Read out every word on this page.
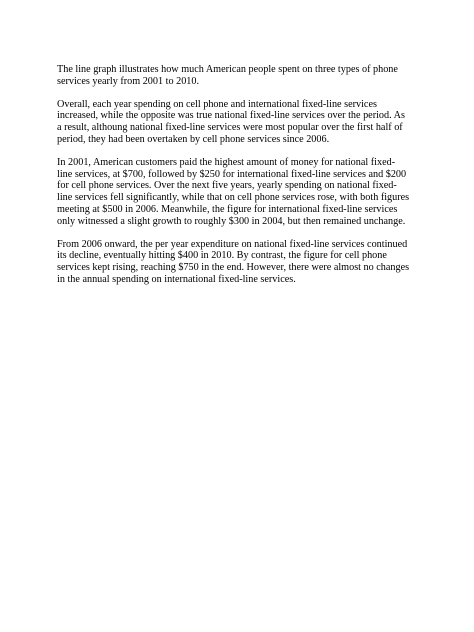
The line graph illustrates how much American people spent on three types of phone
services yearly from 2001 to 2010.

Overall, each year spending on cell phone and international fixed-line services
increased, while the opposite was true national fixed-line services over the period. As
a result, althoung national fixed-line services were most popular over the first half of
period, they had been overtaken by cell phone services since 2006.

In 2001, American customers paid the highest amount of money for national fixed-
line services, at $700, followed by $250 for international fixed-line services and $200
for cell phone services. Over the next five years, yearly spending on national fixed-
line services fell significantly, while that on cell phone services rose, with both figures
meeting at $500 in 2006. Meanwhile, the figure for international fixed-line services
only witnessed a slight growth to roughly $300 in 2004, but then remained unchange.

From 2006 onward, the per year expenditure on national fixed-line services continued
its decline, eventually hitting $400 in 2010. By contrast, the figure for cell phone
services kept rising, reaching $750 in the end. However, there were almost no changes
in the annual spending on international fixed-line services.
